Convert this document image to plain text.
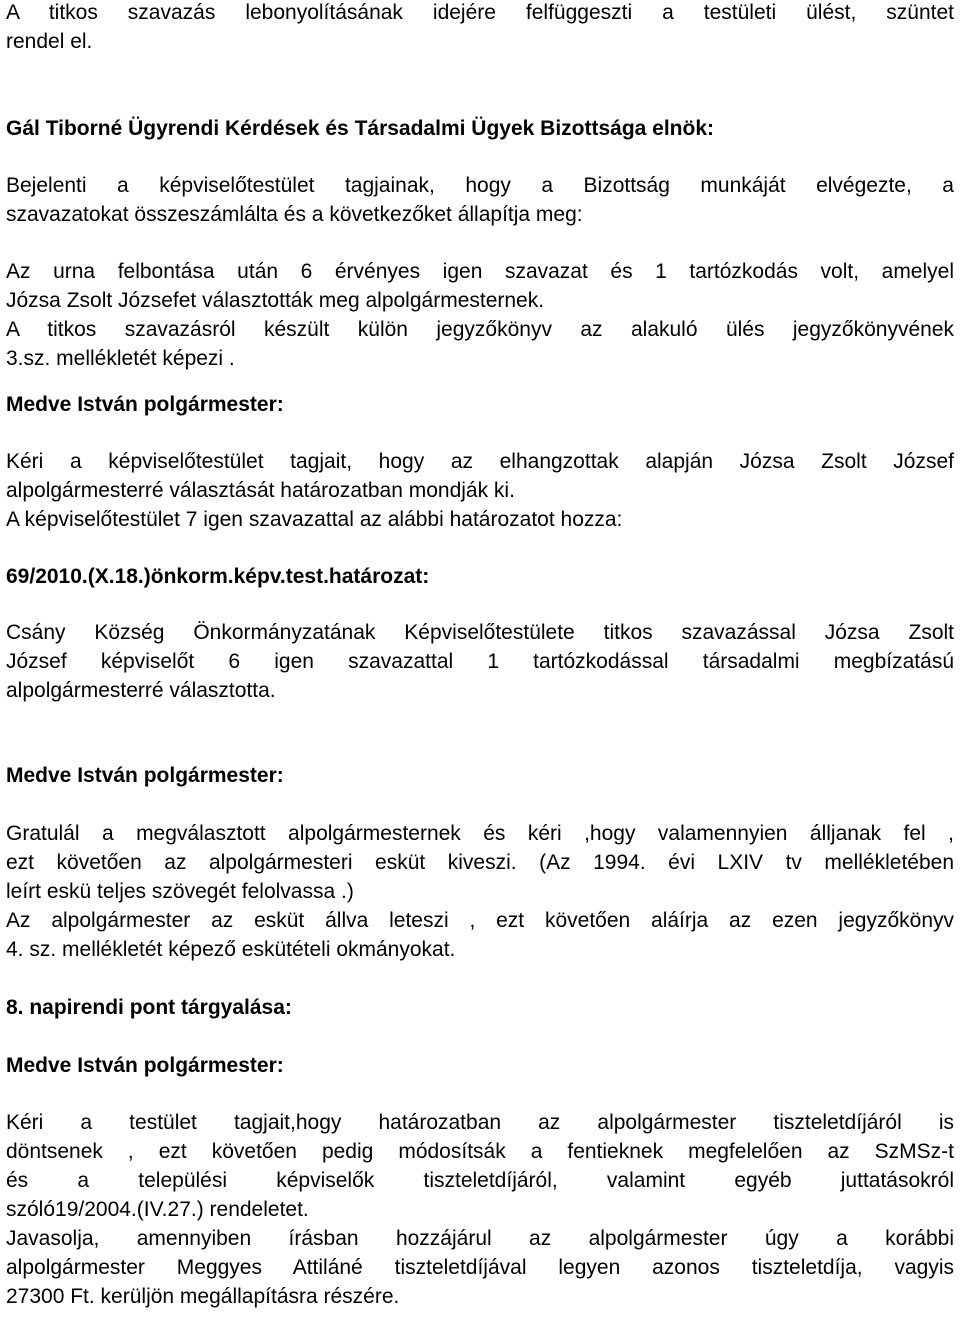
A titkos szavazás lebonyolításának idejére felfüggeszti a testületi ülést, szüntet
rendel el.
Gál Tiborné Ügyrendi Kérdések és Társadalmi Ügyek Bizottsága elnök:
Bejelenti a képviselőtestület tagjainak, hogy a Bizottság munkáját elvégezte, a
szavazatokat összeszámlálta és a következőket állapítja meg:
Az urna felbontása után 6 érvényes igen szavazat és 1 tartózkodás volt, amelyel
Józsa Zsolt Józsefet választották meg alpolgármesternek.
A titkos szavazásról készült külön jegyzőkönyv az alakuló ülés jegyzőkönyvének
3.sz. mellékletét képezi .
Medve István polgármester:
Kéri a képviselőtestület tagjait, hogy az elhangzottak alapján Józsa Zsolt József
alpolgármesterré választását határozatban mondják ki.
A képviselőtestület 7 igen szavazattal az alábbi határozatot hozza:
69/2010.(X.18.)önkorm.képv.test.határozat:
Csány Község Önkormányzatának Képviselőtestülete titkos szavazással Józsa Zsolt
József képviselőt 6 igen szavazattal 1 tartózkodással társadalmi megbízatású
alpolgármesterré választotta.
Medve István polgármester:
Gratulál a megválasztott alpolgármesternek és kéri ,hogy valamennyien álljanak fel ,
ezt követően az alpolgármesteri esküt kiveszi. (Az 1994. évi LXIV tv mellékletében
leírt eskü teljes szövegét felolvassa .)
Az alpolgármester az esküt állva leteszi , ezt követően aláírja az ezen jegyzőkönyv
4. sz. mellékletét képező eskütételi okmányokat.
8. napirendi pont tárgyalása:
Medve István polgármester:
Kéri a testület tagjait,hogy határozatban az alpolgármester tiszteletdíjáról is
döntsenek , ezt követően pedig módosítsák a fentieknek megfelelően az SzMSz-t
és a települési képviselők tiszteletdíjáról, valamint egyéb juttatásokról
szóló19/2004.(IV.27.) rendeletet.
Javasolja, amennyiben írásban hozzájárul az alpolgármester úgy a korábbi
alpolgármester Meggyes Attiláné tiszteletdíjával legyen azonos tiszteletdíja, vagyis
27300 Ft. kerüljön megállapításra részére.
